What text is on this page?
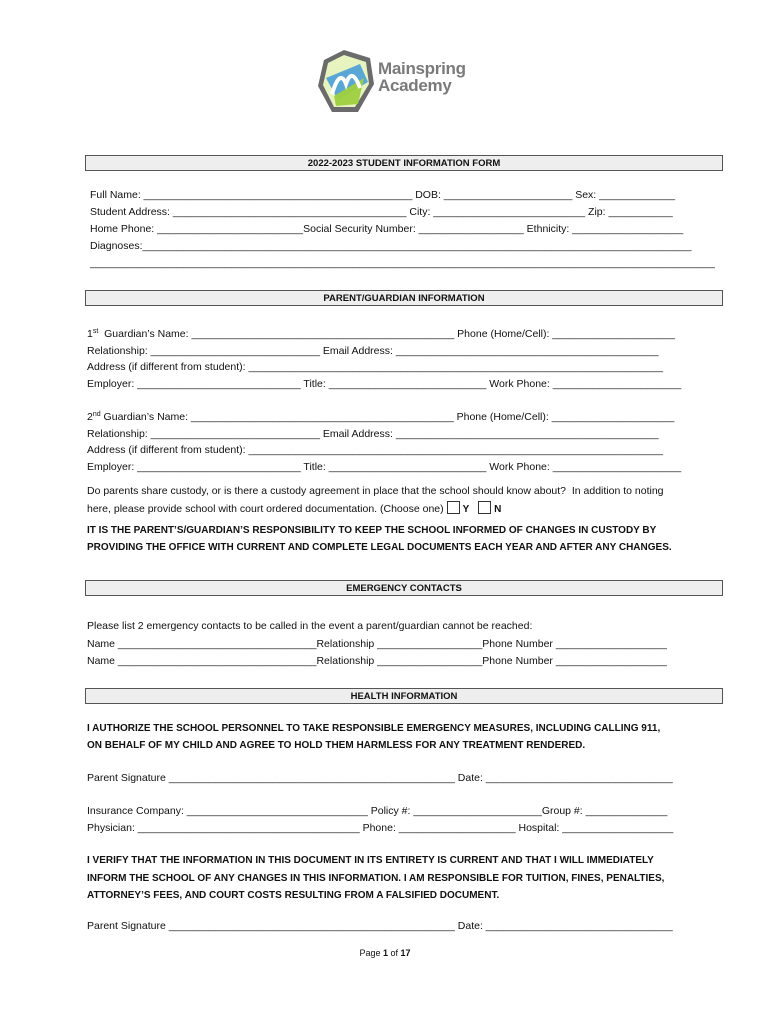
Mainspring
Academy
2022-2023 STUDENT INFORMATION FORM
Full Name: ______________________________________________ DOB: ______________________ Sex: _____________
Student Address: ________________________________________ City: __________________________ Zip: ___________
Home Phone: _________________________Social Security Number: __________________ Ethnicity: ___________________
Diagnoses:______________________________________________________________________________________________
___________________________________________________________________________________________________________
PARENT/GUARDIAN INFORMATION
1st  Guardian’s Name: _____________________________________________ Phone (Home/Cell): _____________________
Relationship: _____________________________ Email Address: _____________________________________________
Address (if different from student): _______________________________________________________________________
Employer: ____________________________ Title: ___________________________ Work Phone: ______________________
2nd Guardian’s Name: _____________________________________________ Phone (Home/Cell): _____________________
Relationship: _____________________________ Email Address: _____________________________________________
Address (if different from student): _______________________________________________________________________
Employer: ____________________________ Title: ___________________________ Work Phone: ______________________
Do parents share custody, or is there a custody agreement in place that the school should know about?  In addition to noting
here, please provide school with court ordered documentation. (Choose one) Y N
IT IS THE PARENT’S/GUARDIAN’S RESPONSIBILITY TO KEEP THE SCHOOL INFORMED OF CHANGES IN CUSTODY BY
PROVIDING THE OFFICE WITH CURRENT AND COMPLETE LEGAL DOCUMENTS EACH YEAR AND AFTER ANY CHANGES.
EMERGENCY CONTACTS
Please list 2 emergency contacts to be called in the event a parent/guardian cannot be reached:
Name __________________________________Relationship __________________Phone Number ___________________
Name __________________________________Relationship __________________Phone Number ___________________
HEALTH INFORMATION
I AUTHORIZE THE SCHOOL PERSONNEL TO TAKE RESPONSIBLE EMERGENCY MEASURES, INCLUDING CALLING 911,
ON BEHALF OF MY CHILD AND AGREE TO HOLD THEM HARMLESS FOR ANY TREATMENT RENDERED.
Parent Signature _________________________________________________ Date: ________________________________
Insurance Company: _______________________________ Policy #: ______________________Group #: ______________
Physician: ______________________________________ Phone: ____________________ Hospital: ___________________
I VERIFY THAT THE INFORMATION IN THIS DOCUMENT IN ITS ENTIRETY IS CURRENT AND THAT I WILL IMMEDIATELY
INFORM THE SCHOOL OF ANY CHANGES IN THIS INFORMATION. I AM RESPONSIBLE FOR TUITION, FINES, PENALTIES,
ATTORNEY’S FEES, AND COURT COSTS RESULTING FROM A FALSIFIED DOCUMENT.
Parent Signature _________________________________________________ Date: ________________________________
Page 1 of 17
